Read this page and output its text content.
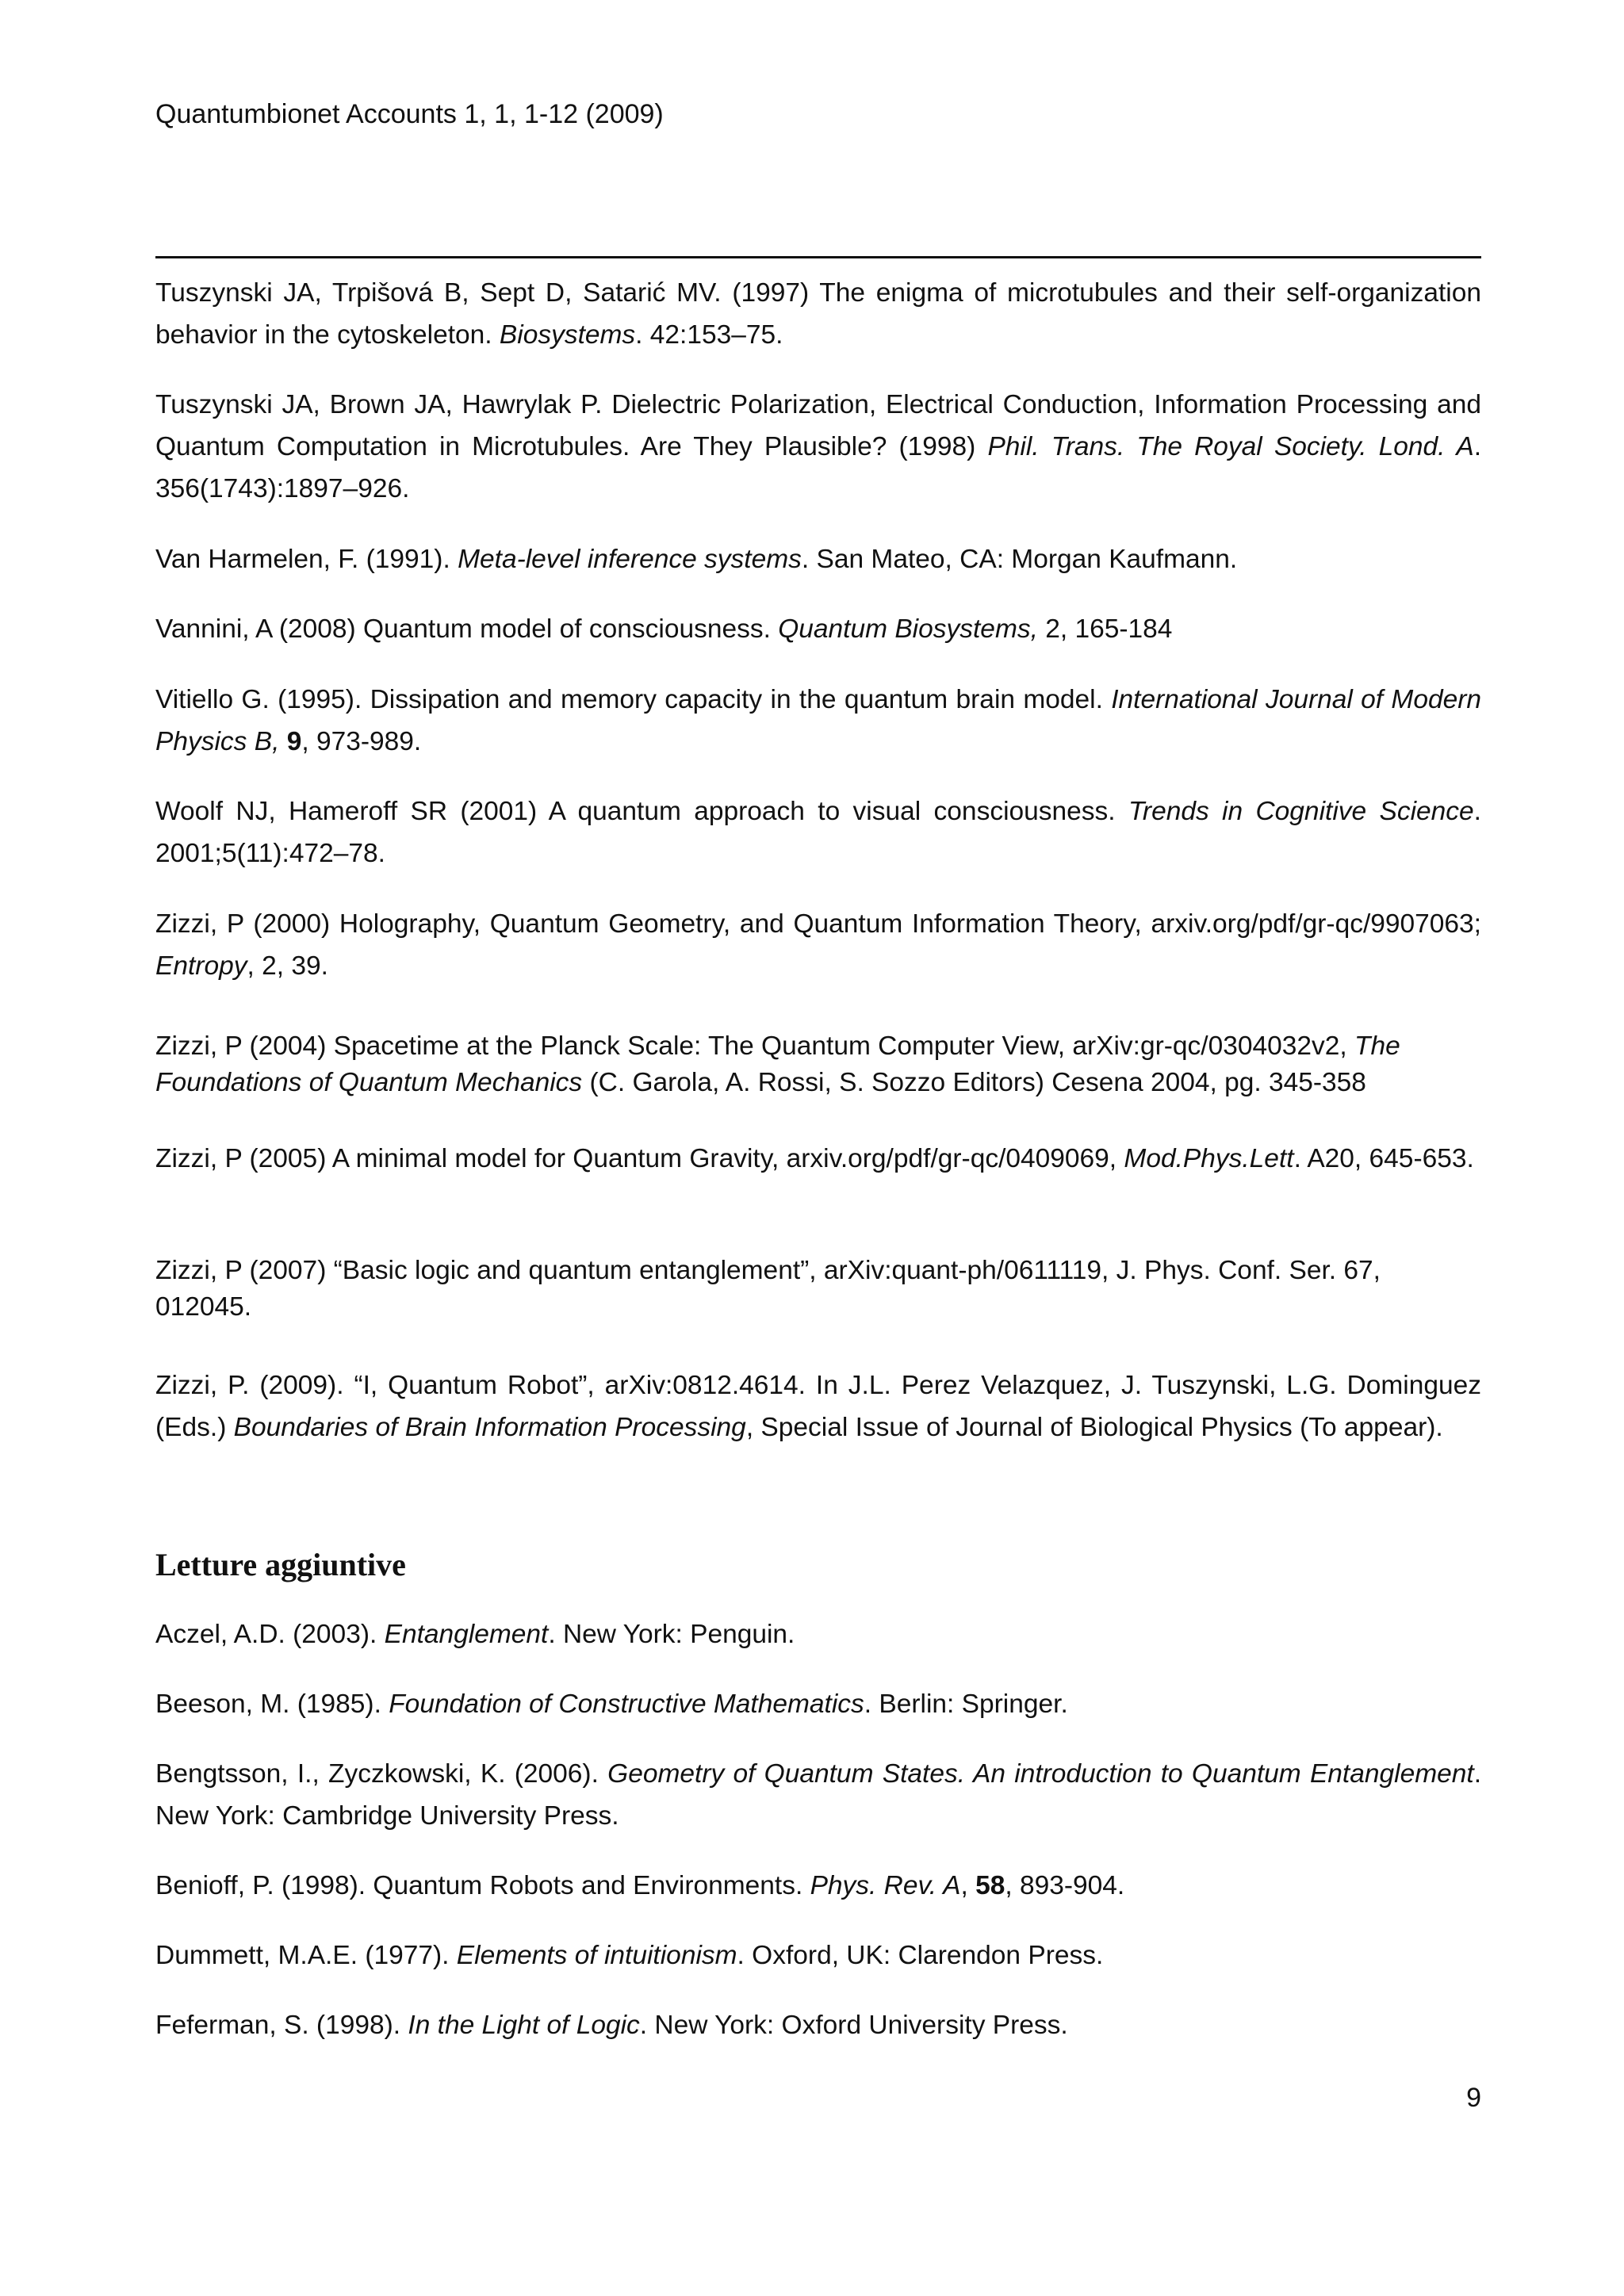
Quantumbionet Accounts 1, 1, 1-12 (2009)

Tuszynski JA, Trpišová B, Sept D, Satarić MV. (1997) The enigma of microtubules and their self-organization behavior in the cytoskeleton. Biosystems. 42:153–75.

Tuszynski JA, Brown JA, Hawrylak P. Dielectric Polarization, Electrical Conduction, Information Processing and Quantum Computation in Microtubules. Are They Plausible? (1998) Phil. Trans. The Royal Society. Lond. A. 356(1743):1897–926.

Van Harmelen, F. (1991). Meta-level inference systems. San Mateo, CA: Morgan Kaufmann.

Vannini, A (2008) Quantum model of consciousness. Quantum Biosystems, 2, 165-184

Vitiello G. (1995). Dissipation and memory capacity in the quantum brain model. International Journal of Modern Physics B, 9, 973-989.

Woolf NJ, Hameroff SR (2001) A quantum approach to visual consciousness. Trends in Cognitive Science. 2001;5(11):472–78.

Zizzi, P (2000) Holography, Quantum Geometry, and Quantum Information Theory, arxiv.org/pdf/gr-qc/9907063; Entropy, 2, 39.

Zizzi, P (2004) Spacetime at the Planck Scale: The Quantum Computer View, arXiv:gr-qc/0304032v2, The Foundations of Quantum Mechanics (C. Garola, A. Rossi, S. Sozzo Editors) Cesena 2004, pg. 345-358

Zizzi, P (2005) A minimal model for Quantum Gravity, arxiv.org/pdf/gr-qc/0409069, Mod.Phys.Lett. A20, 645-653.

Zizzi, P (2007) “Basic logic and quantum entanglement”, arXiv:quant-ph/0611119, J. Phys. Conf. Ser. 67, 012045.

Zizzi, P. (2009). “I, Quantum Robot”, arXiv:0812.4614. In J.L. Perez Velazquez, J. Tuszynski, L.G. Dominguez (Eds.) Boundaries of Brain Information Processing, Special Issue of Journal of Biological Physics (To appear).

Letture aggiuntive

Aczel, A.D. (2003). Entanglement. New York: Penguin.

Beeson, M. (1985). Foundation of Constructive Mathematics. Berlin: Springer.

Bengtsson, I., Zyczkowski, K. (2006). Geometry of Quantum States. An introduction to Quantum Entanglement. New York: Cambridge University Press.

Benioff, P. (1998). Quantum Robots and Environments. Phys. Rev. A, 58, 893-904.

Dummett, M.A.E. (1977). Elements of intuitionism. Oxford, UK: Clarendon Press.

Feferman, S. (1998). In the Light of Logic. New York: Oxford University Press.

9
